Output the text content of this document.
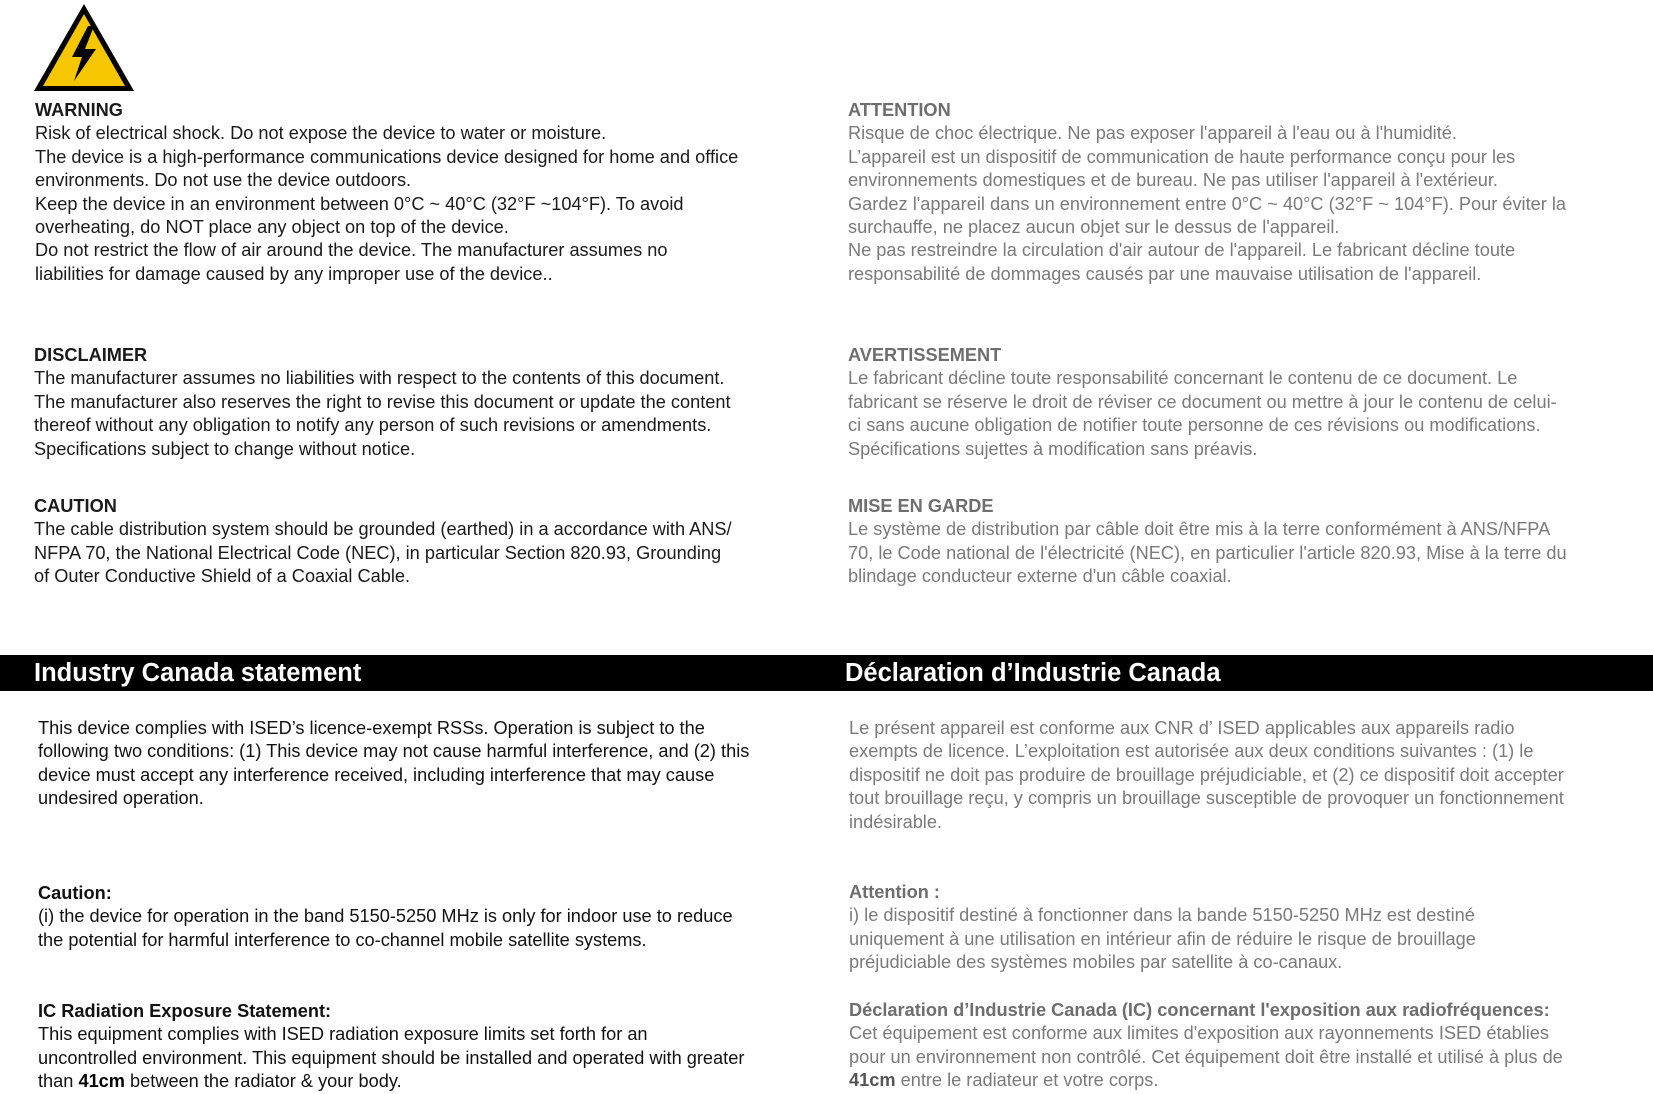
WARNING

Risk of electrical shock. Do not expose the device to water or moisture.

The device is a high-performance communications device designed for home and office

environments. Do not use the device outdoors.

Keep the device in an environment between 0°C ~ 40°C (32°F ~104°F). To avoid

overheating, do NOT place any object on top of the device.

Do not restrict the flow of air around the device. The manufacturer assumes no

liabilities for damage caused by any improper use of the device..

ATTENTION

Risque de choc électrique. Ne pas exposer l'appareil à l'eau ou à l'humidité.

L’appareil est un dispositif de communication de haute performance conçu pour les

environnements domestiques et de bureau. Ne pas utiliser l'appareil à l'extérieur.

Gardez l'appareil dans un environnement entre 0°C ~ 40°C (32°F ~ 104°F). Pour éviter la

surchauffe, ne placez aucun objet sur le dessus de l'appareil.

Ne pas restreindre la circulation d'air autour de l'appareil. Le fabricant décline toute

responsabilité de dommages causés par une mauvaise utilisation de l'appareil.

DISCLAIMER

The manufacturer assumes no liabilities with respect to the contents of this document.

The manufacturer also reserves the right to revise this document or update the content

thereof without any obligation to notify any person of such revisions or amendments.

Specifications subject to change without notice.

AVERTISSEMENT

Le fabricant décline toute responsabilité concernant le contenu de ce document. Le

fabricant se réserve le droit de réviser ce document ou mettre à jour le contenu de celui-

ci sans aucune obligation de notifier toute personne de ces révisions ou modifications.

Spécifications sujettes à modification sans préavis.

CAUTION

The cable distribution system should be grounded (earthed) in a accordance with ANS/

NFPA 70, the National Electrical Code (NEC), in particular Section 820.93, Grounding

of Outer Conductive Shield of a Coaxial Cable.

MISE EN GARDE

Le système de distribution par câble doit être mis à la terre conformément à ANS/NFPA

70, le Code national de l'électricité (NEC), en particulier l'article 820.93, Mise à la terre du

blindage conducteur externe d'un câble coaxial.

Industry Canada statement	Déclaration d’Industrie Canada

This device complies with ISED’s licence-exempt RSSs. Operation is subject to the

following two conditions: (1) This device may not cause harmful interference, and (2) this

device must accept any interference received, including interference that may cause

undesired operation.

Le présent appareil est conforme aux CNR d’ ISED applicables aux appareils radio

exempts de licence. L’exploitation est autorisée aux deux conditions suivantes : (1) le

dispositif ne doit pas produire de brouillage préjudiciable, et (2) ce dispositif doit accepter

tout brouillage reçu, y compris un brouillage susceptible de provoquer un fonctionnement

indésirable.

Caution:

(i) the device for operation in the band 5150-5250 MHz is only for indoor use to reduce

the potential for harmful interference to co-channel mobile satellite systems.

Attention :

i) le dispositif destiné à fonctionner dans la bande 5150-5250 MHz est destiné

uniquement à une utilisation en intérieur afin de réduire le risque de brouillage

préjudiciable des systèmes mobiles par satellite à co-canaux.

IC Radiation Exposure Statement:

This equipment complies with ISED radiation exposure limits set forth for an

uncontrolled environment. This equipment should be installed and operated with greater

than 41cm between the radiator & your body.

Déclaration d’Industrie Canada (IC) concernant l'exposition aux radiofréquences:

Cet équipement est conforme aux limites d'exposition aux rayonnements ISED établies

pour un environnement non contrôlé. Cet équipement doit être installé et utilisé à plus de

41cm entre le radiateur et votre corps.
